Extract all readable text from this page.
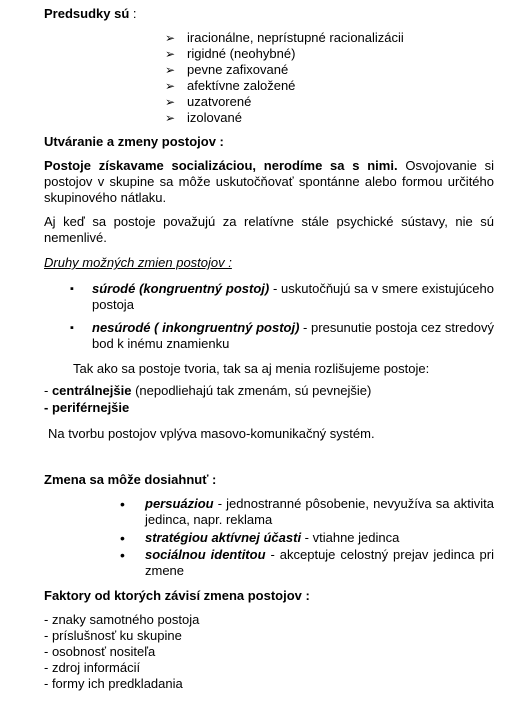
Predsudky sú :
➢ iracionálne, neprístupné racionalizácii
➢ rigidné (neohybné)
➢ pevne zafixované
➢ afektívne založené
➢ uzatvorené
➢ izolované
Utváranie a zmeny postojov :
Postoje získavame socializáciou, nerodíme sa s nimi. Osvojovanie si postojov v skupine sa môže uskutočňovať spontánne alebo formou určitého skupinového nátlaku.
Aj keď sa postoje považujú za relatívne stále psychické sústavy, nie sú nemenlivé.
Druhy možných zmien postojov :
▪ súrodé (kongruentný postoj) - uskutočňujú sa v smere existujúceho postoja
▪ nesúrodé ( inkongruentný postoj) - presunutie postoja cez stredový bod k inému znamienku
Tak ako sa postoje tvoria, tak sa aj menia rozlišujeme postoje:
- centrálnejšie (nepodliehajú tak zmenám, sú pevnejšie)
- periférnejšie
Na tvorbu postojov vplýva masovo-komunikačný systém.
Zmena sa môže dosiahnuť :
• persuáziou - jednostranné pôsobenie, nevyužíva sa aktivita jedinca, napr. reklama
• stratégiou aktívnej účasti - vtiahne jedinca
• sociálnou identitou - akceptuje celostný prejav jedinca pri zmene
Faktory od ktorých závisí zmena postojov :
- znaky samotného postoja
- príslušnosť ku skupine
- osobnosť nositeľa
- zdroj informácií
- formy ich predkladania
